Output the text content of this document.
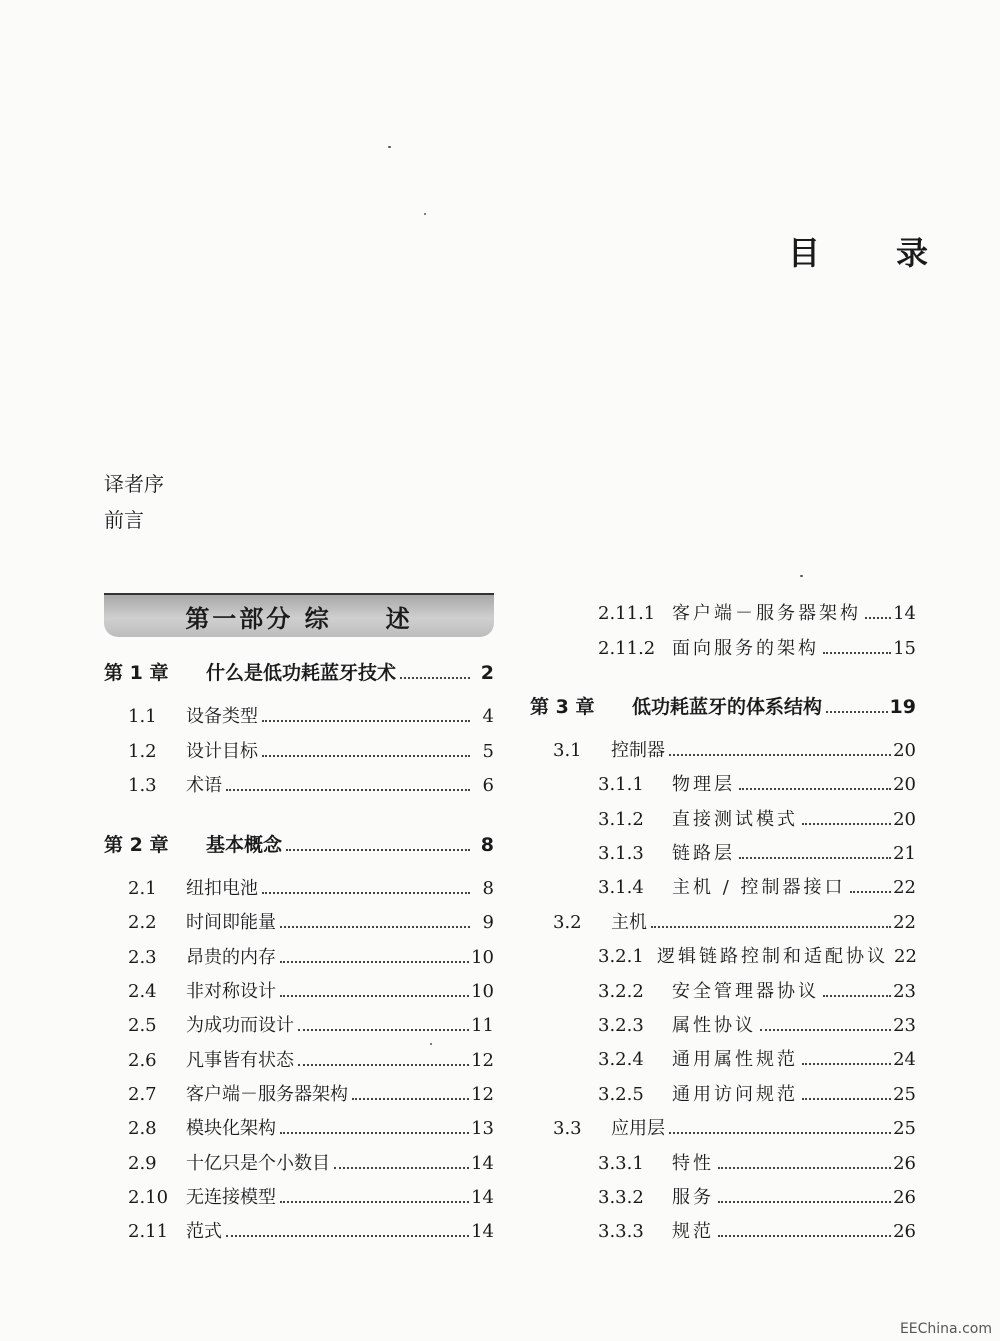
目 录
译者序
前言
第一部分 综　　述
第 1 章	什么是低功耗蓝牙技术	2
1.1	设备类型	4
1.2	设计目标	5
1.3	术语	6
第 2 章	基本概念	8
2.1	纽扣电池	8
2.2	时间即能量	9
2.3	昂贵的内存	10
2.4	非对称设计	10
2.5	为成功而设计	11
2.6	凡事皆有状态	12
2.7	客户端－服务器架构	12
2.8	模块化架构	13
2.9	十亿只是个小数目	14
2.10 无连接模型	14
2.11 范式	14
2.11.1 客户端－服务器架构 14
2.11.2 面向服务的架构	15
第 3 章	低功耗蓝牙的体系结构	19
3.1	控制器	20
3.1.1	物理层	20
3.1.2	直接测试模式	20
3.1.3	链路层	21
3.1.4	主机 / 控制器接口	22
3.2	主机	22
3.2.1 逻辑链路控制和适配协议 22
3.2.2	安全管理器协议	23
3.2.3	属性协议	23
3.2.4	通用属性规范	24
3.2.5	通用访问规范	25
3.3	应用层	25
3.3.1	特性	26
3.3.2	服务	26
3.3.3	规范	26
EEChina.com
